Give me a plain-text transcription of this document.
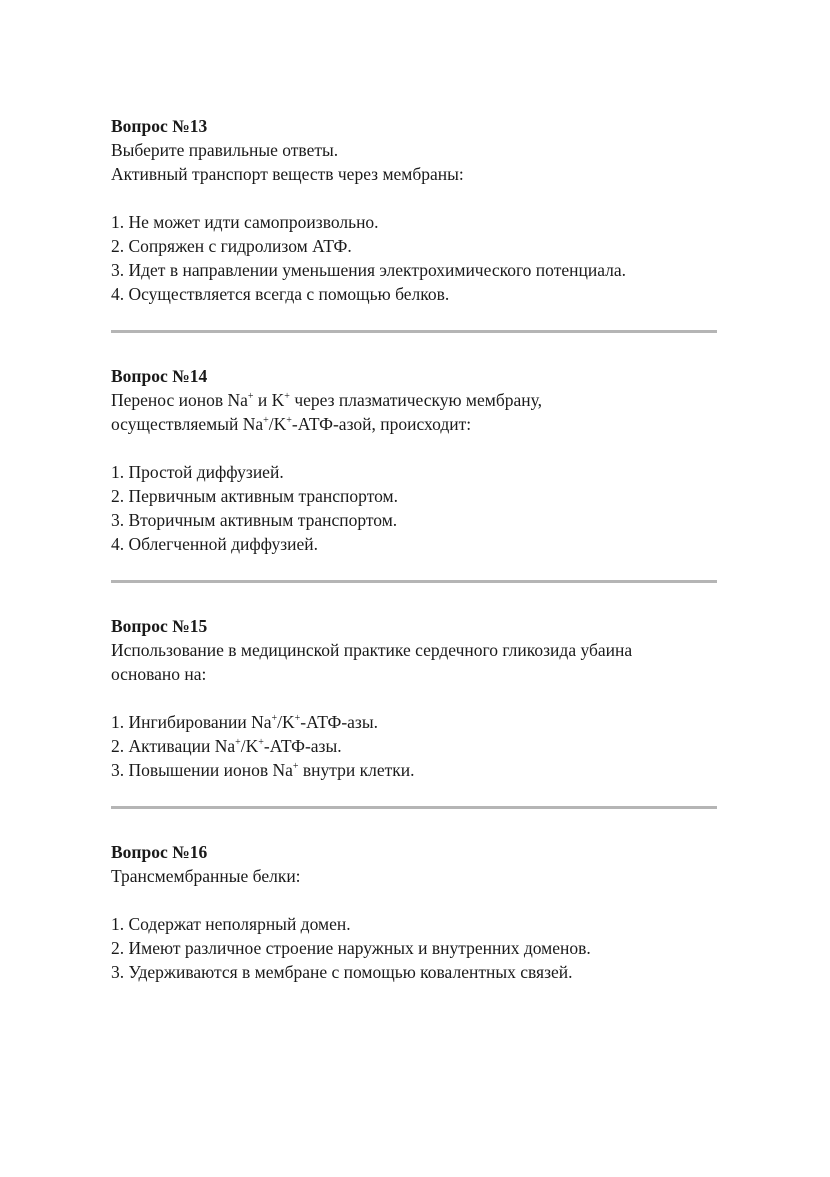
Вопрос №13

Выберите правильные ответы.

Активный транспорт веществ через мембраны:

1. Не может идти самопроизвольно.

2. Сопряжен с гидролизом АТФ.

3. Идет в направлении уменьшения электрохимического потенциала.

4. Осуществляется всегда с помощью белков.

Вопрос №14

Перенос ионов Na+ и K+ через плазматическую мембрану,

осуществляемый Na+/K+-АТФ-азой, происходит:

1. Простой диффузией.

2. Первичным активным транспортом.

3. Вторичным активным транспортом.

4. Облегченной диффузией.

Вопрос №15

Использование в медицинской практике сердечного гликозида убаина

основано на:

1. Ингибировании Na+/K+-АТФ-азы.

2. Активации Na+/K+-АТФ-азы.

3. Повышении ионов Na+ внутри клетки.

Вопрос №16

Трансмембранные белки:

1. Содержат неполярный домен.

2. Имеют различное строение наружных и внутренних доменов.

3. Удерживаются в мембране с помощью ковалентных связей.
